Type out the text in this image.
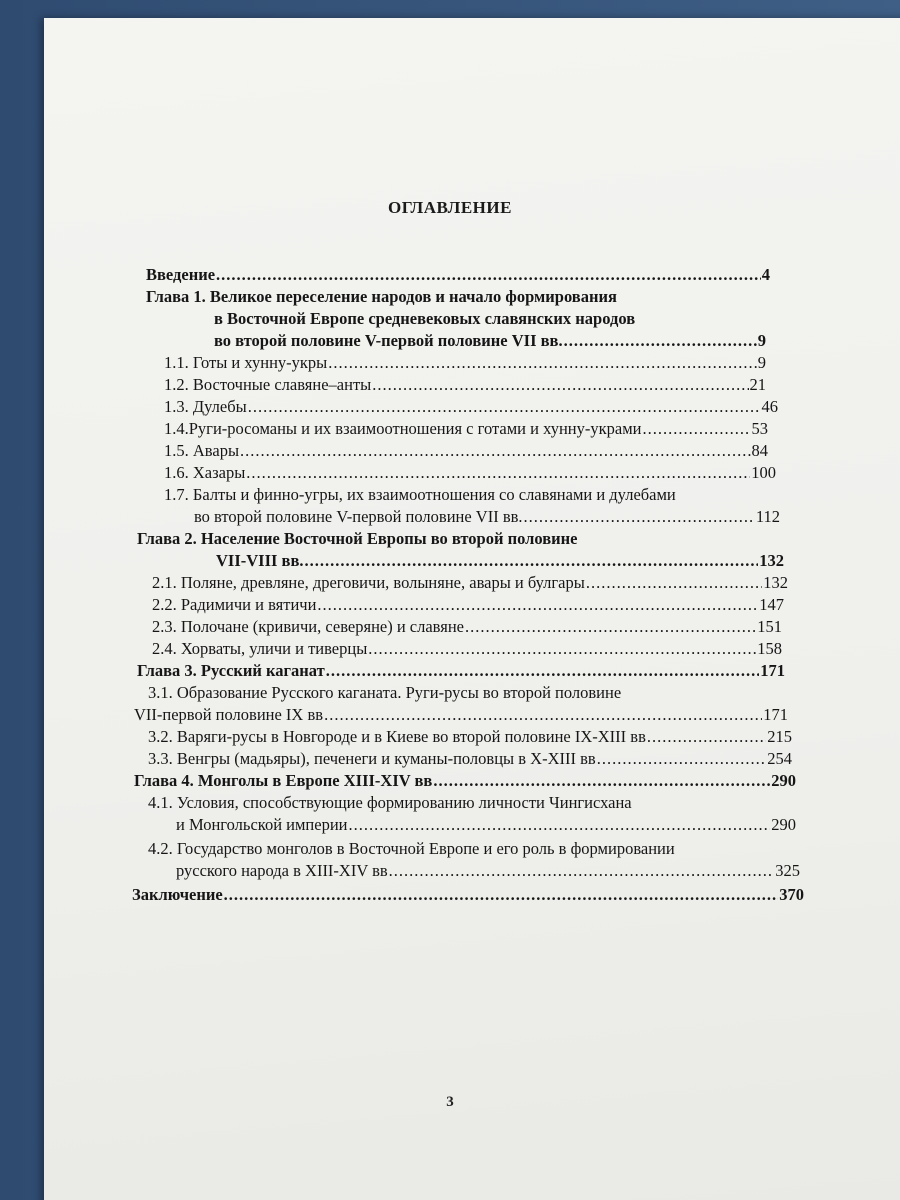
ОГЛАВЛЕНИЕ
Введение .....	4
Глава 1. Великое переселение народов и начало формирования
в Восточной Европе средневековых славянских народов
во второй половине V-первой половине VII вв. .....	9
1.1. Готы и хунну-укры .....	9
1.2. Восточные славяне–анты .....	21
1.3. Дулебы .....	46
1.4.Руги-росоманы и их взаимоотношения с готами и хунну-украми .....	53
1.5. Авары .....	84
1.6. Хазары .....	100
1.7. Балты и финно-угры, их взаимоотношения со славянами и дулебами
во второй половине V-первой половине VII вв. .....	112
Глава 2. Население Восточной Европы во второй половине
VII-VIII вв. .....	132
2.1. Поляне, древляне, дреговичи, волыняне, авары и булгары .....	132
2.2. Радимичи и вятичи .....	147
2.3. Полочане (кривичи, северяне) и славяне .....	151
2.4. Хорваты, уличи и тиверцы .....	158
Глава 3. Русский каганат .....	171
3.1. Образование Русского каганата. Руги-русы во второй половине
VII-первой половине IX вв .....	171
3.2. Варяги-русы в Новгороде и в Киеве во второй половине IX-XIII вв .....	215
3.3. Венгры (мадьяры), печенеги и куманы-половцы в X-XIII вв .....	254
Глава 4. Монголы в Европе XIII-XIV вв .....	290
4.1. Условия, способствующие формированию личности Чингисхана
и Монгольской империи .....	290
4.2. Государство монголов в Восточной Европе и его роль в формировании
русского народа в XIII-XIV вв .....	325
Заключение .....	370
3
